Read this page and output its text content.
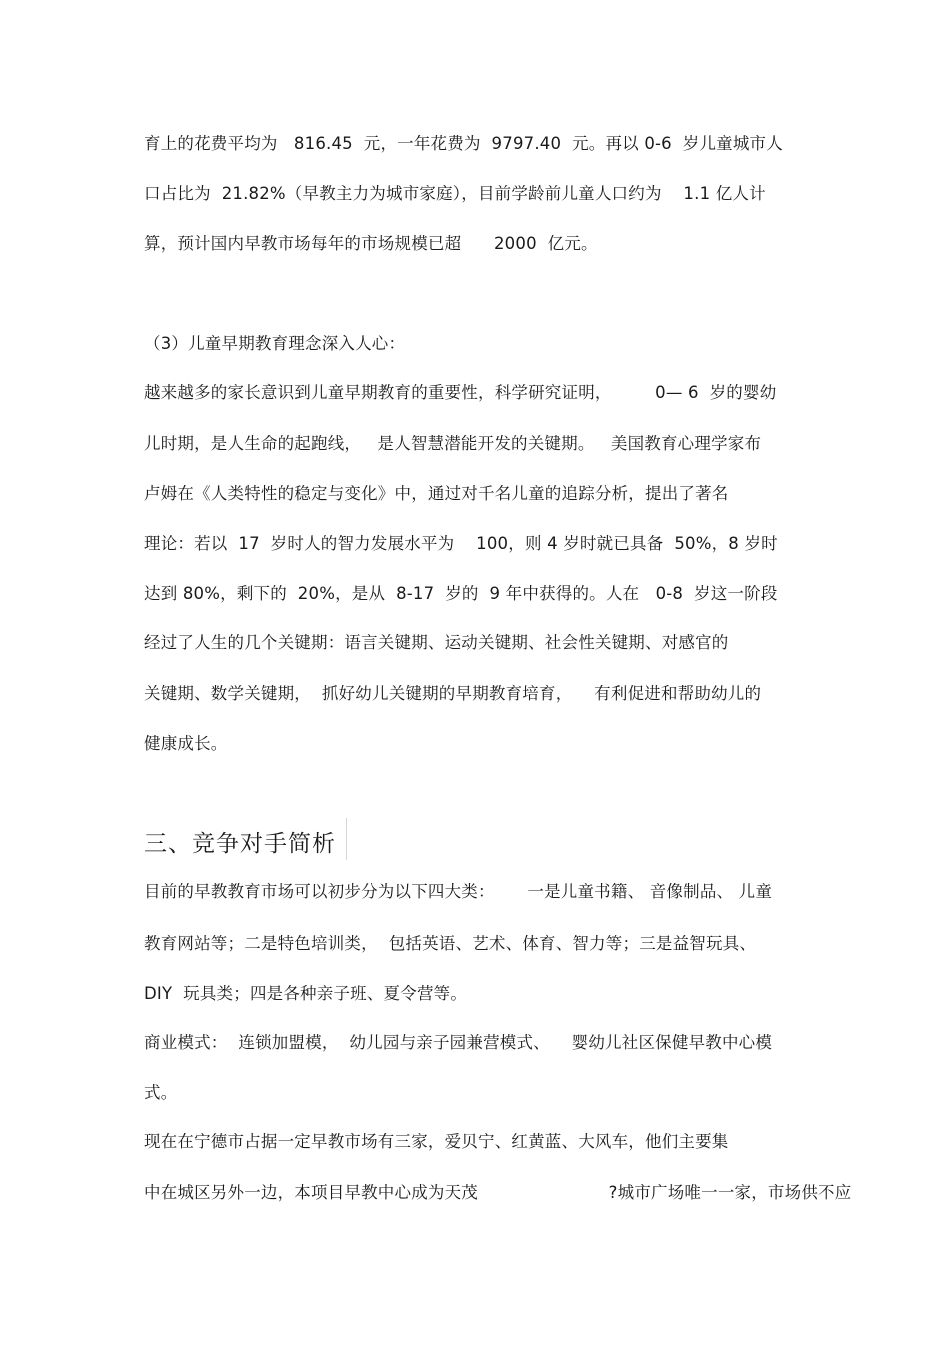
育上的花费平均为   816.45  元，一年花费为  9797.40  元。再以 0-6  岁儿童城市人
口占比为  21.82%（早教主力为城市家庭），目前学龄前儿童人口约为    1.1 亿人计
算，预计国内早教市场每年的市场规模已超      2000  亿元。
（3）儿童早期教育理念深入人心：
越来越多的家长意识到儿童早期教育的重要性，科学研究证明，        0— 6  岁的婴幼
儿时期，是人生命的起跑线，   是人智慧潜能开发的关键期。   美国教育心理学家布
卢姆在《人类特性的稳定与变化》中，通过对千名儿童的追踪分析，提出了著名
理论：若以  17  岁时人的智力发展水平为    100，则 4 岁时就已具备  50%，8 岁时
达到 80%，剩下的  20%，是从  8-17  岁的  9 年中获得的。人在   0-8  岁这一阶段
经过了人生的几个关键期：语言关键期、运动关键期、社会性关键期、对感官的
关键期、数学关键期，  抓好幼儿关键期的早期教育培育，    有利促进和帮助幼儿的
健康成长。
三、竞争对手简析
目前的早教教育市场可以初步分为以下四大类：      一是儿童书籍、 音像制品、 儿童
教育网站等；二是特色培训类，  包括英语、艺术、体育、智力等；三是益智玩具、
DIY  玩具类；四是各种亲子班、夏令营等。
商业模式：  连锁加盟模，  幼儿园与亲子园兼营模式、    婴幼儿社区保健早教中心模
式。
现在在宁德市占据一定早教市场有三家，爱贝宁、红黄蓝、大风车，他们主要集
中在城区另外一边，本项目早教中心成为天茂                        ?城市广场唯一一家，市场供不应
